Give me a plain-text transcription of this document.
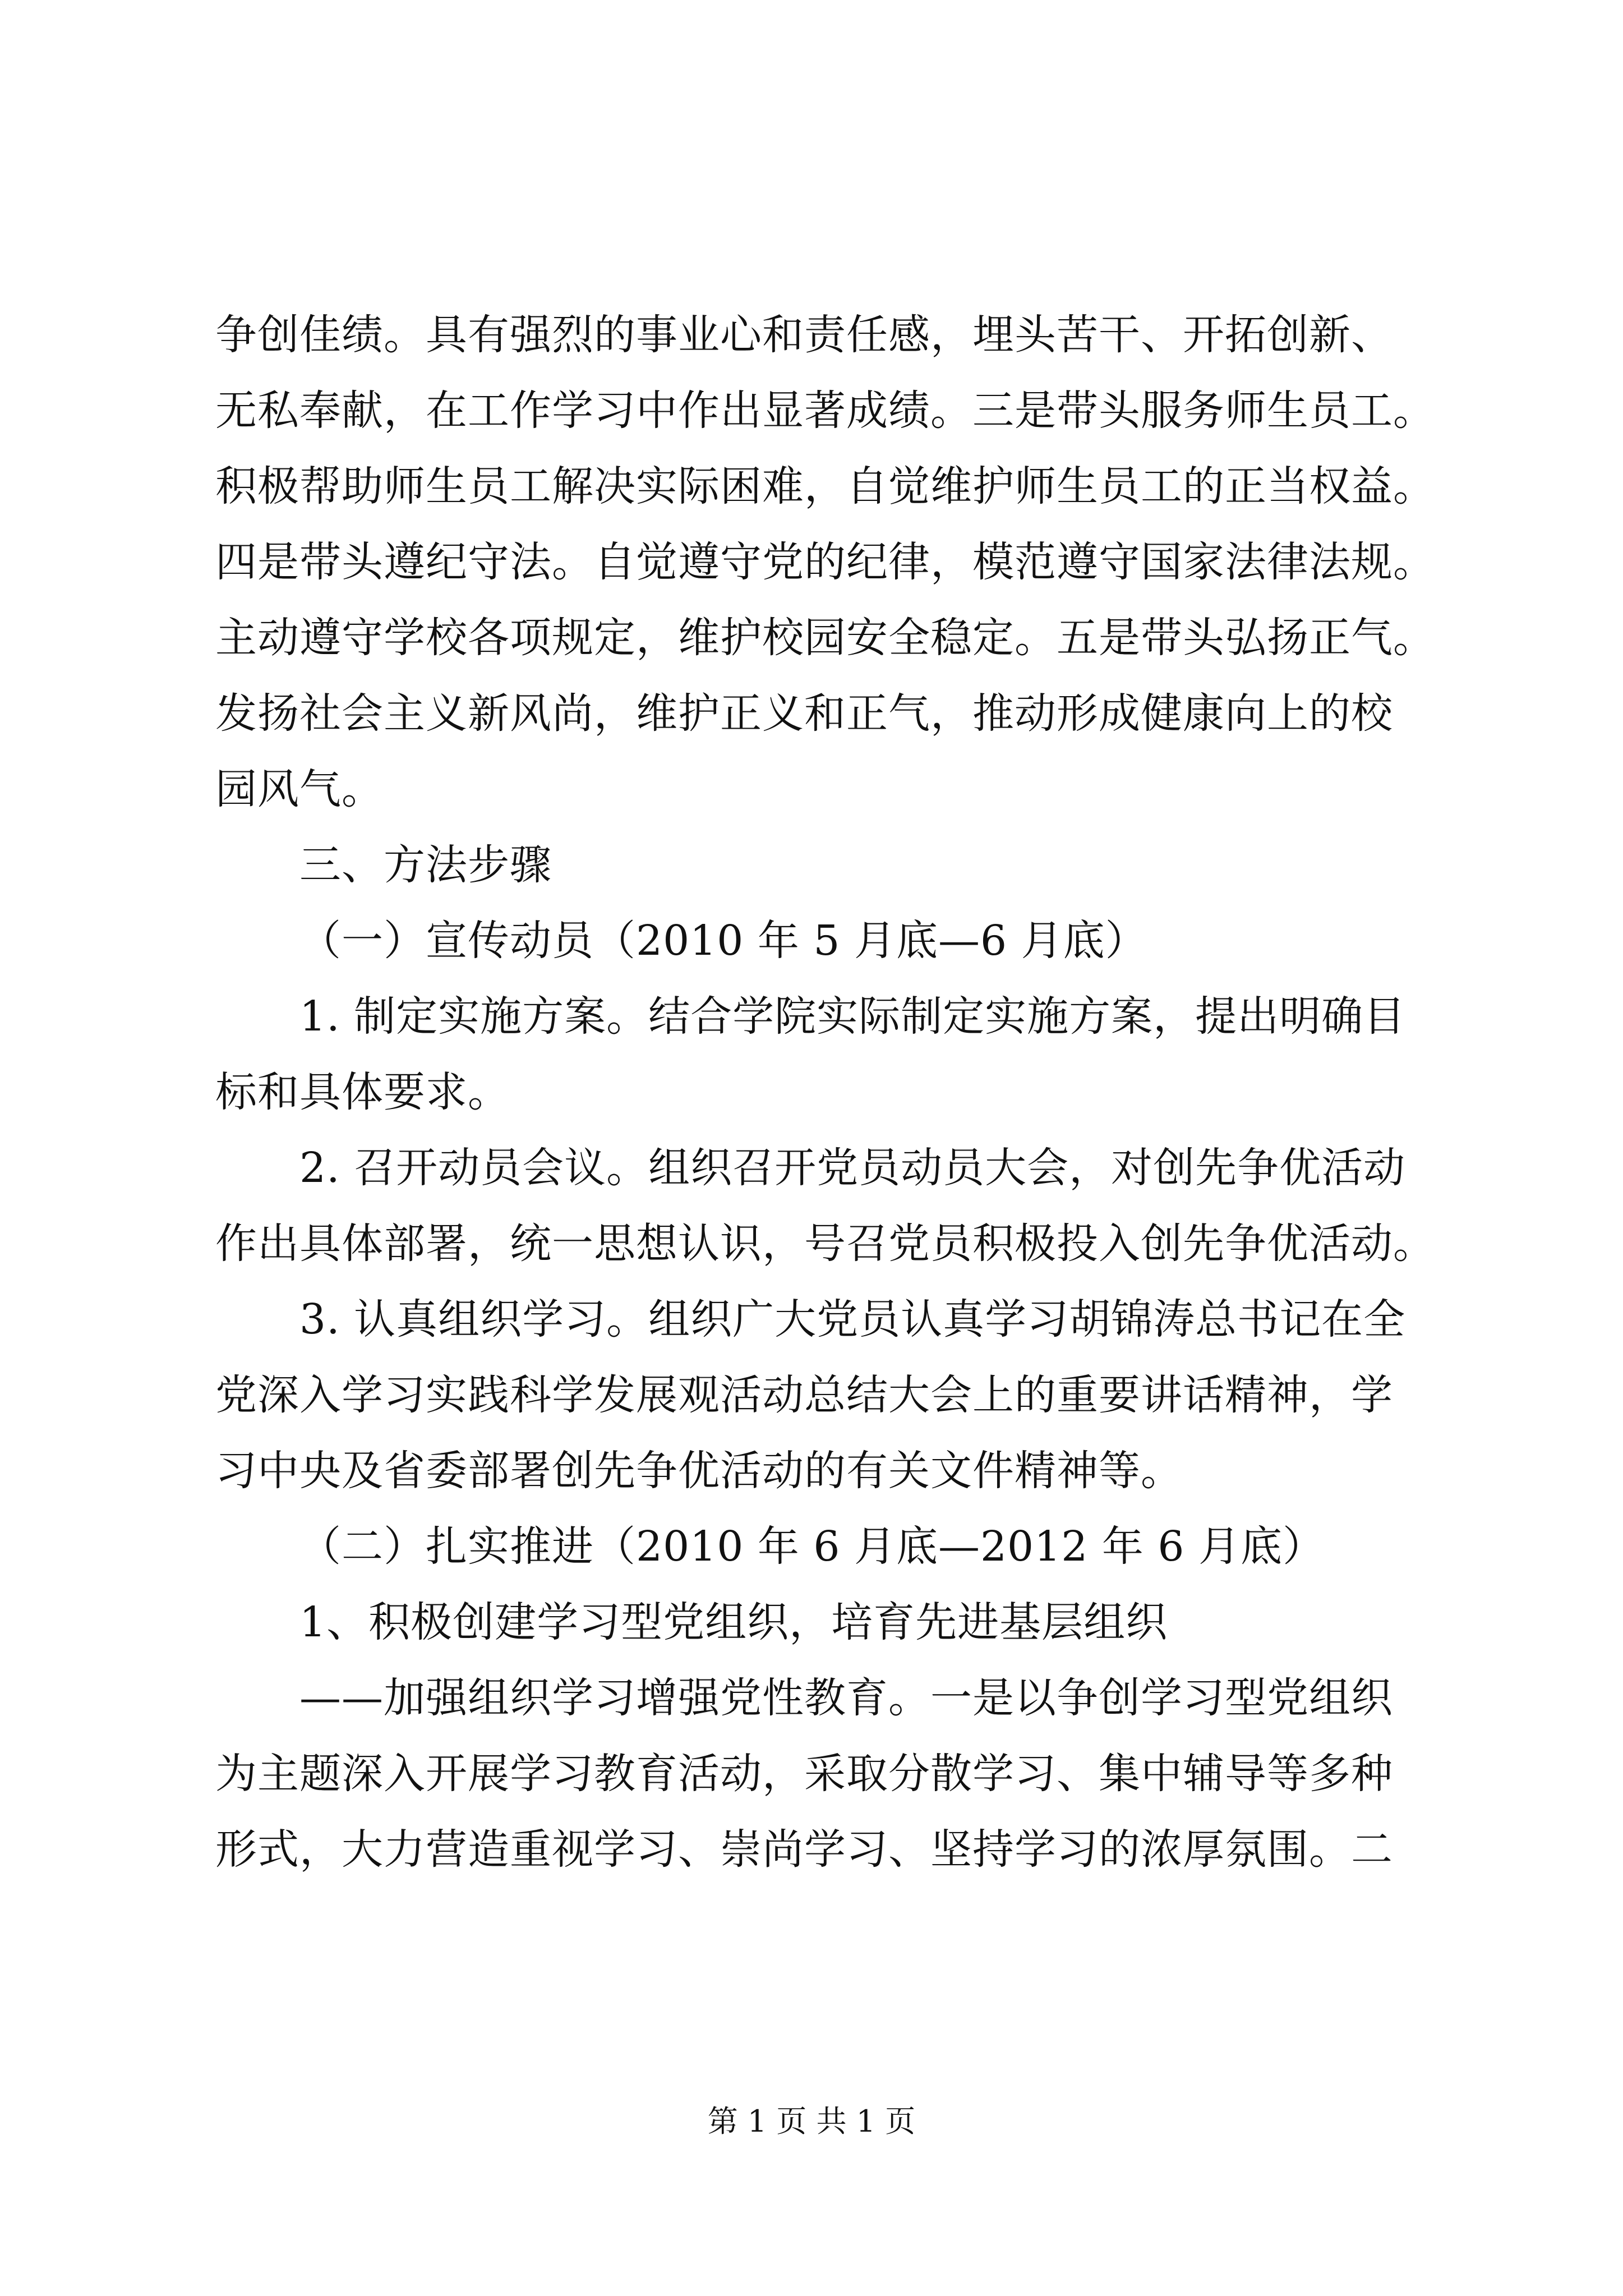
争创佳绩。具有强烈的事业心和责任感，埋头苦干、开拓创新、
无私奉献，在工作学习中作出显著成绩。三是带头服务师生员工。
积极帮助师生员工解决实际困难，自觉维护师生员工的正当权益。
四是带头遵纪守法。自觉遵守党的纪律，模范遵守国家法律法规。
主动遵守学校各项规定，维护校园安全稳定。五是带头弘扬正气。
发扬社会主义新风尚，维护正义和正气，推动形成健康向上的校
园风气。
三、方法步骤
（一）宣传动员（2010 年 5 月底—6 月底）
1. 制定实施方案。结合学院实际制定实施方案，提出明确目
标和具体要求。
2. 召开动员会议。组织召开党员动员大会，对创先争优活动
作出具体部署，统一思想认识，号召党员积极投入创先争优活动。
3. 认真组织学习。组织广大党员认真学习胡锦涛总书记在全
党深入学习实践科学发展观活动总结大会上的重要讲话精神，学
习中央及省委部署创先争优活动的有关文件精神等。
（二）扎实推进（2010 年 6 月底—2012 年 6 月底）
1、积极创建学习型党组织，培育先进基层组织
——加强组织学习增强党性教育。一是以争创学习型党组织
为主题深入开展学习教育活动，采取分散学习、集中辅导等多种
形式，大力营造重视学习、崇尚学习、坚持学习的浓厚氛围。二
第 1 页 共 1 页
